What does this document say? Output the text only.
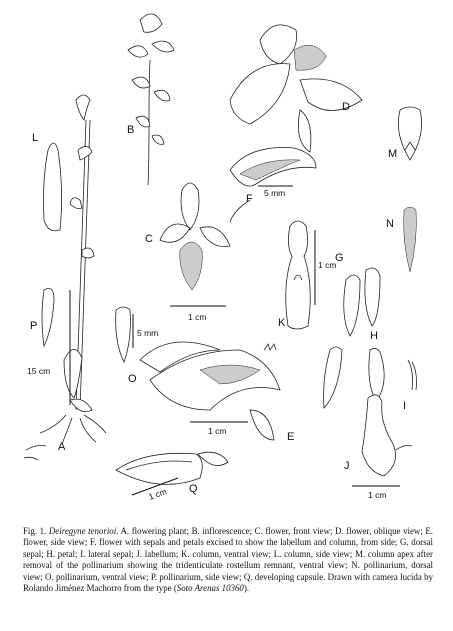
15 cm
1 cm
5 mm
1 cm
1 cm
1 cm
5 mm
1 cm
A
B
C
D
E
F
G
H
I
J
K
L
M
N
O
P
Q

Fig. 1. Deiregyne tenorioi. A. flowering plant; B. inflorescence; C. flower, front view; D. flower, oblique view; E. flower, side view; F. flower with sepals and petals excised to show the labellum and column, from side; G. dorsal sepal; H. petal; I. lateral sepal; J. labellum; K. column, ventral view; L. column, side view; M. column apex after removal of the pollinarium showing the tridenticulate rostellum remnant, ventral view; N. pollinarium, dorsal view; O. pollinarium, ventral view; P. pollinarium, side view; Q. developing capsule. Drawn with camera lucida by Rolando Jiménez Machorro from the type (Soto Arenas 10360).
